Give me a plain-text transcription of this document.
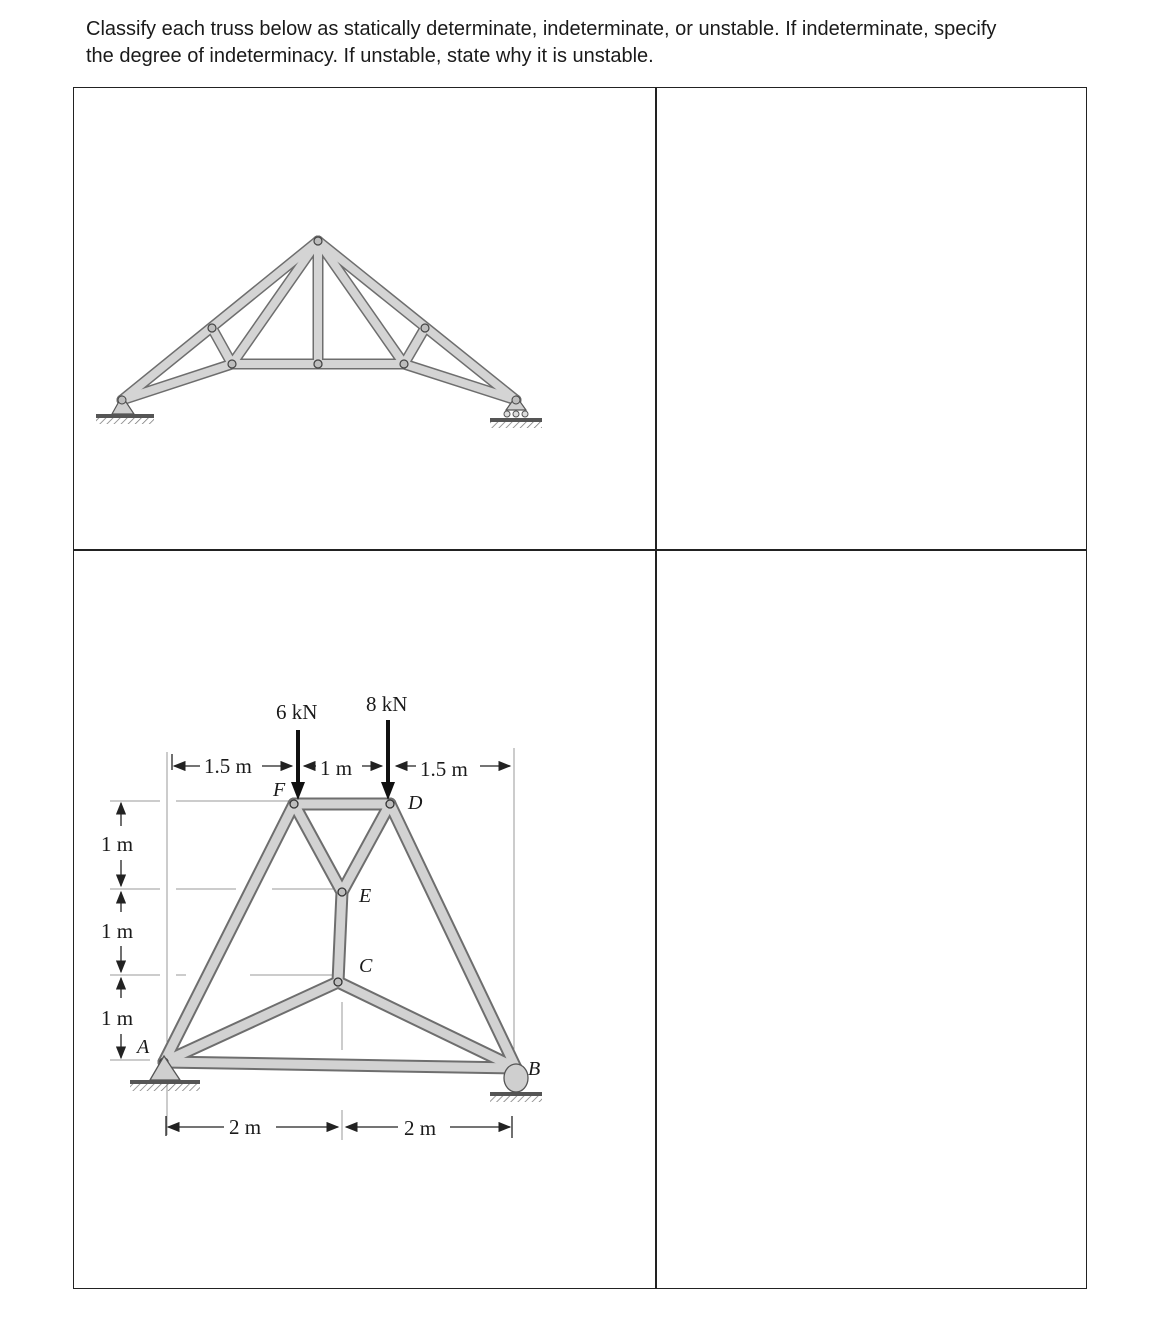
Classify each truss below as statically determinate, indeterminate, or unstable. If indeterminate, specify
the degree of indeterminacy. If unstable, state why it is unstable.
6 kN 8 kN
1.5 m	1 m	1.5 m
1 m
1 m
1 m
2 m	2 m
A
B
C
D
E
F
